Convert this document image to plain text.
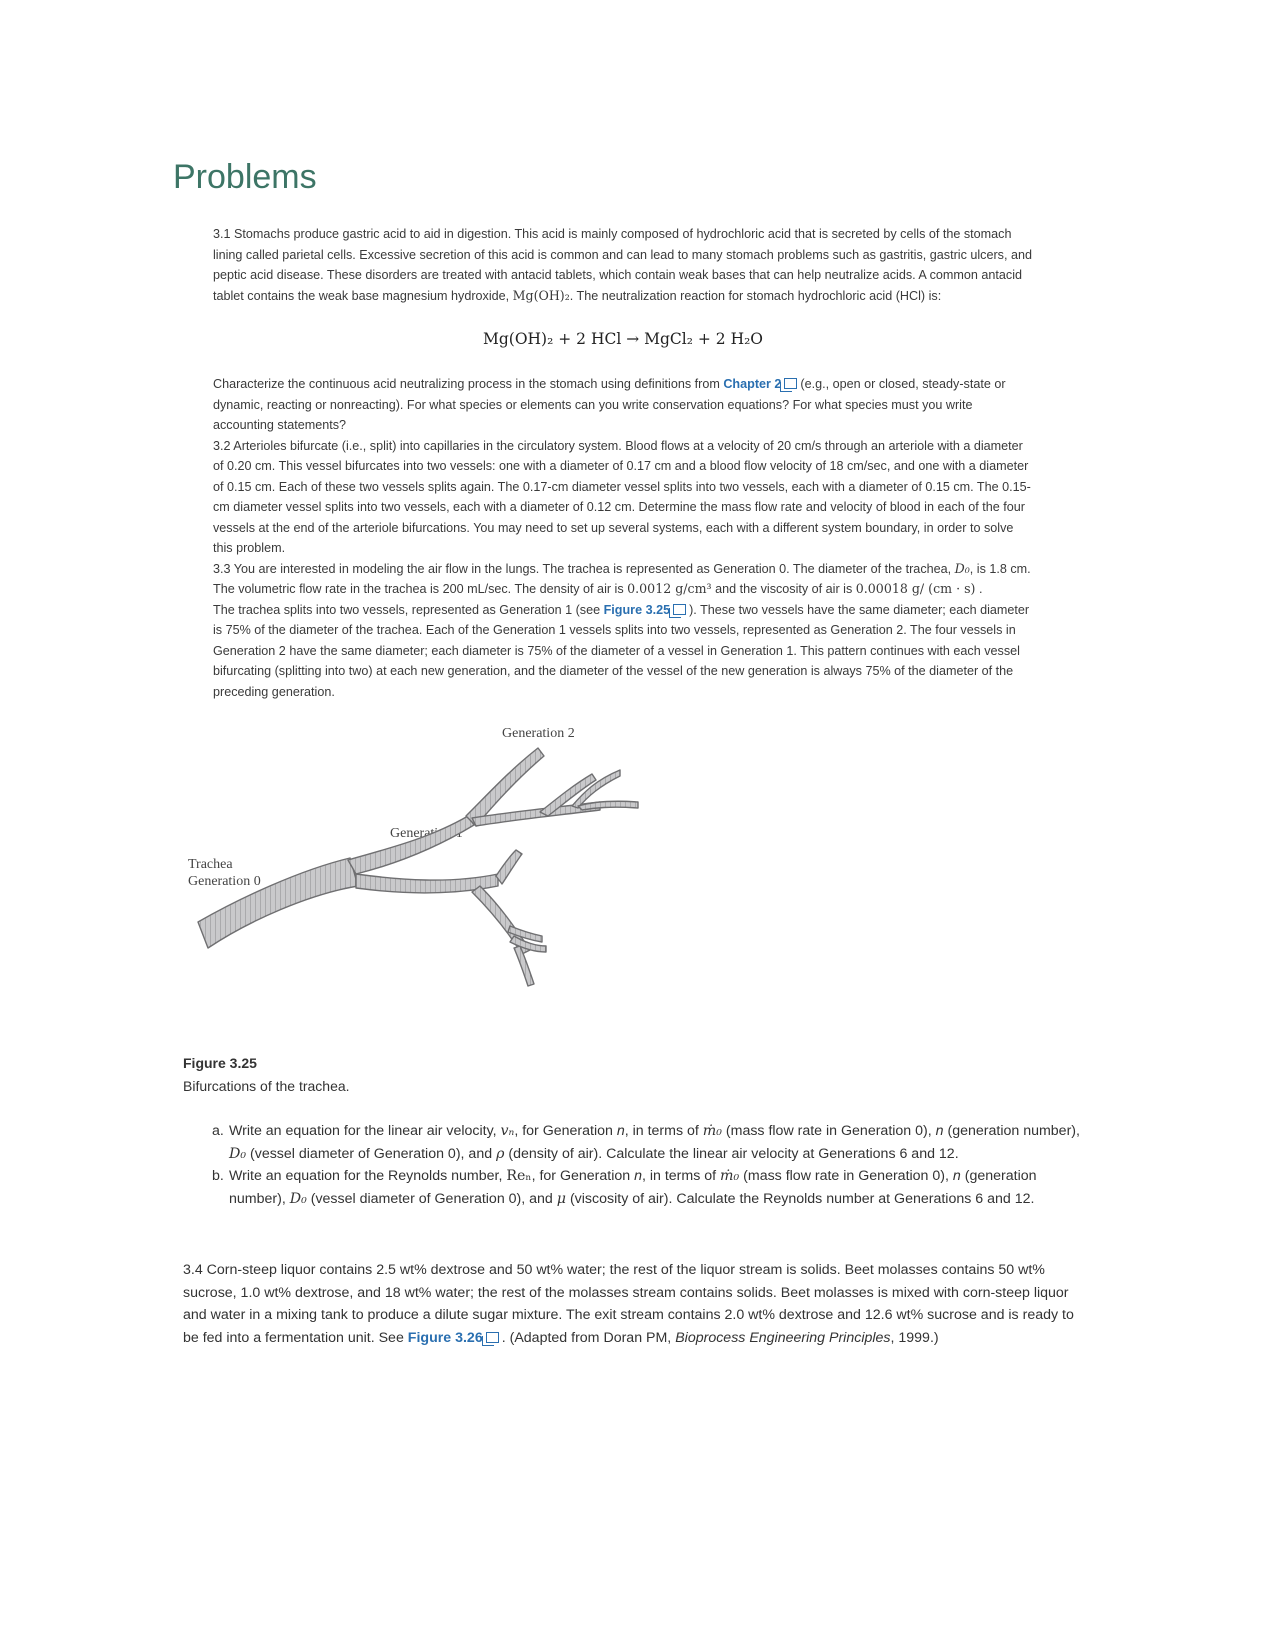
Problems

3.1 Stomachs produce gastric acid to aid in digestion. This acid is mainly composed of hydrochloric acid that is secreted by cells of the stomach lining called parietal cells. Excessive secretion of this acid is common and can lead to many stomach problems such as gastritis, gastric ulcers, and peptic acid disease. These disorders are treated with antacid tablets, which contain weak bases that can help neutralize acids. A common antacid tablet contains the weak base magnesium hydroxide, Mg(OH)₂. The neutralization reaction for stomach hydrochloric acid (HCl) is:

Mg(OH)₂ + 2 HCl → MgCl₂ + 2 H₂O

Characterize the continuous acid neutralizing process in the stomach using definitions from Chapter 2 (e.g., open or closed, steady-state or dynamic, reacting or nonreacting). For what species or elements can you write conservation equations? For what species must you write accounting statements?

3.2 Arterioles bifurcate (i.e., split) into capillaries in the circulatory system. Blood flows at a velocity of 20 cm/s through an arteriole with a diameter of 0.20 cm. This vessel bifurcates into two vessels: one with a diameter of 0.17 cm and a blood flow velocity of 18 cm/sec, and one with a diameter of 0.15 cm. Each of these two vessels splits again. The 0.17-cm diameter vessel splits into two vessels, each with a diameter of 0.15 cm. The 0.15-cm diameter vessel splits into two vessels, each with a diameter of 0.12 cm. Determine the mass flow rate and velocity of blood in each of the four vessels at the end of the arteriole bifurcations. You may need to set up several systems, each with a different system boundary, in order to solve this problem.

3.3 You are interested in modeling the air flow in the lungs. The trachea is represented as Generation 0. The diameter of the trachea, D₀, is 1.8 cm. The volumetric flow rate in the trachea is 200 mL/sec. The density of air is 0.0012 g/cm³ and the viscosity of air is 0.00018 g/ (cm · s) .

The trachea splits into two vessels, represented as Generation 1 (see Figure 3.25 ). These two vessels have the same diameter; each diameter is 75% of the diameter of the trachea. Each of the Generation 1 vessels splits into two vessels, represented as Generation 2. The four vessels in Generation 2 have the same diameter; each diameter is 75% of the diameter of a vessel in Generation 1. This pattern continues with each vessel bifurcating (splitting into two) at each new generation, and the diameter of the vessel of the new generation is always 75% of the diameter of the preceding generation.

Generation 2
Generation 1
Trachea
Generation 0
Figure 3.25
Bifurcations of the trachea.
a. Write an equation for the linear air velocity, vₙ, for Generation n, in terms of ṁ₀ (mass flow rate in Generation 0), n (generation number), D₀ (vessel diameter of Generation 0), and ρ (density of air). Calculate the linear air velocity at Generations 6 and 12.
b. Write an equation for the Reynolds number, Reₙ, for Generation n, in terms of ṁ₀ (mass flow rate in Generation 0), n (generation number), D₀ (vessel diameter of Generation 0), and μ (viscosity of air). Calculate the Reynolds number at Generations 6 and 12.

3.4 Corn-steep liquor contains 2.5 wt% dextrose and 50 wt% water; the rest of the liquor stream is solids. Beet molasses contains 50 wt% sucrose, 1.0 wt% dextrose, and 18 wt% water; the rest of the molasses stream contains solids. Beet molasses is mixed with corn-steep liquor and water in a mixing tank to produce a dilute sugar mixture. The exit stream contains 2.0 wt% dextrose and 12.6 wt% sucrose and is ready to be fed into a fermentation unit. See Figure 3.26 . (Adapted from Doran PM, Bioprocess Engineering Principles, 1999.)
